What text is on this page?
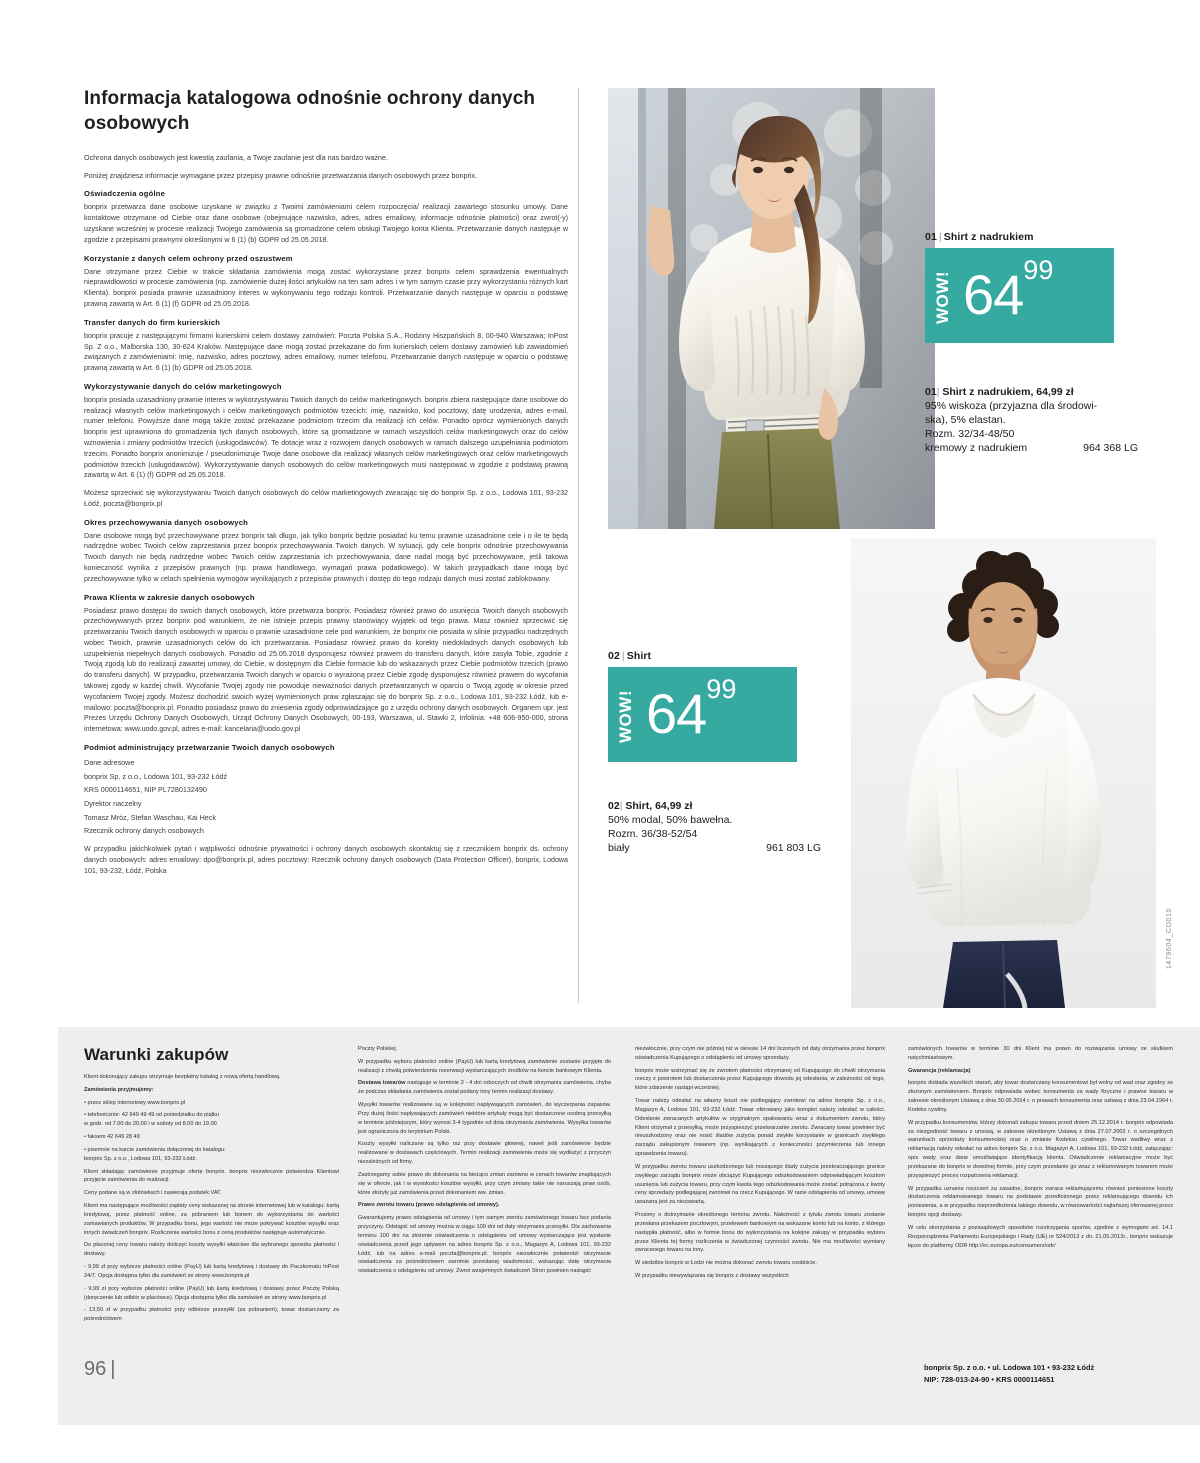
Informacja katalogowa odnośnie ochrony danych osobowych

Ochrona danych osobowych jest kwestią zaufania, a Twoje zaufanie jest dla nas bardzo ważne.

Poniżej znajdziesz informacje wymagane przez przepisy prawne odnośnie przetwarzania danych osobowych przez bonprix.

Oświadczenia ogólne

bonprix przetwarza dane osobowe uzyskane w związku z Twoimi zamówieniami celem rozpoczęcia/ realizacji zawartego stosunku umowy. Dane kontaktowe otrzymane od Ciebie oraz dane osobowe (obejmujące nazwisko, adres, adres emailowy, informacje odnośnie płatności) oraz zwrot(-y) uzyskane wcześniej w procesie realizacji Twojego zamówienia są gromadzone celem obsługi Twojego konta Klienta. Przetwarzanie danych następuje w zgodzie z przepisami prawnymi określonymi w 6 (1) (b) GDPR od 25.05.2018.

Korzystanie z danych celem ochrony przed oszustwem

Dane otrzymane przez Ciebie w trakcie składania zamówienia mogą zostać wykorzystane przez bonprix celem sprawdzenia ewentualnych nieprawidłowości w procesie zamówienia (np. zamówienie dużej ilości artykułów na ten sam adres i w tym samym czasie przy wykorzystaniu różnych kart Klienta). bonprix posiada prawnie uzasadniony interes w wykonywaniu tego rodzaju kontroli. Przetwarzanie danych następuje w oparciu o podstawę prawną zawartą w Art. 6 (1) (f) GDPR od 25.05.2018.

Transfer danych do firm kurierskich

bonprix pracuje z następującymi firmami kurierskimi celem dostawy zamówień: Poczta Polska S.A., Rodziny Hiszpańskich 8, 00-940 Warszawa; InPost Sp. Z o.o., Malborska 130, 30-624 Kraków. Następujące dane mogą zostać przekazane do firm kurierskich celem dostawy zamówień lub zawiadomień związanych z zamówieniami: imię, nazwisko, adres pocztowy, adres emailowy, numer telefonu. Przetwarzanie danych następuje w oparciu o podstawę prawną zawartą w Art. 6 (1) (b) GDPR od 25.05.2018.

Wykorzystywanie danych do celów marketingowych

bonprix posiada uzasadniony prawnie interes w wykorzystywaniu Twoich danych do celów marketingowych. bonprix zbiera następujące dane osobowe do realizacji własnych celów marketingowych i celów marketingowych podmiotów trzecich: imię, nazwisko, kod pocztowy, datę urodzenia, adres e-mail, numer telefonu. Powyższe dane mogą także zostać przekazane podmiotom trzecim dla realizacji ich celów. Ponadto oprócz wymienionych danych bonprix jest uprawniona do gromadzenia tych danych osobowych, które są gromadzone w ramach wszystkich celów marketingowych oraz do celów wznowienia i zmiany podmiotów trzecich (usługodawców). Te dotacje wraz z rozwojem danych osobowych w ramach dalszego uzupełniania podmiotom trzecim. Ponadto bonprix anonimizuje / pseudonimizuje Twoje dane osobowe dla realizacji własnych celów marketingowych oraz celów marketingowych podmiotów trzecich (usługodawców). Wykorzystywanie danych osobowych do celów marketingowych musi następować w zgodzie z podstawą prawną zawartą w Art. 6 (1) (f) GDPR od 25.05.2018.

Możesz sprzeciwić się wykorzystywaniu Twoich danych osobowych do celów marketingowych zwracając się do bonprix Sp. z o.o., Lodowa 101, 93-232 Łódź, poczta@bonprix.pl

Okres przechowywania danych osobowych

Dane osobowe mogą być przechowywane przez bonprix tak długo, jak tylko bonprix będzie posiadać ku temu prawnie uzasadnione cele i o ile te będą nadrzędne wobec Twoich celów zaprzestania przez bonprix przechowywania Twoich danych. W sytuacji, gdy cele bonprix odnośnie przechowywania Twoich danych nie będą nadrzędne wobec Twoich celów zaprzestania ich przechowywania, dane nadal mogą być przechowywane, jeśli takowa konieczność wynika z przepisów prawnych (np. prawa handlowego, wymagań prawa podatkowego). W takich przypadkach dane mogą być przechowywane tylko w celach spełnienia wymogów wynikających z przepisów prawnych i dostęp do tego rodzaju danych musi zostać zablokowany.

Prawa Klienta w zakresie danych osobowych

Posiadasz prawo dostępu do swoich danych osobowych, które przetwarza bonprix. Posiadasz również prawo do usunięcia Twoich danych osobowych przechowywanych przez bonprix pod warunkiem, że nie istnieje przepis prawny stanowiący wyjątek od tego prawa. Masz również sprzeciwić się przetwarzaniu Twoich danych osobowych w oparciu o prawnie uzasadnione cele pod warunkiem, że bonprix nie posiada w silnie przypadku nadrzędnych wobec Twoich, prawnie uzasadnionych celów do ich przetwarzania. Posiadasz również prawo do korekty niedokładnych danych osobowych lub uzupełnienia niepełnych danych osobowych. Ponadto od 25.05.2018 dysponujesz również prawem do transferu danych, które zasyła Tobie, zgodnie z Twoją zgodą lub do realizacji zawartej umowy, do Ciebie, w dostępnym dla Ciebie formacie lub do wskazanych przez Ciebie podmiotów trzecich (prawo do transferu danych). W przypadku, przetwarzania Twoich danych w oparciu o wyrażoną przez Ciebie zgodę dysponujesz również prawem do wycofania takowej zgody w każdej chwili. Wycofanie Twojej zgody nie powoduje nieważności danych przetwarzanych w oparciu o Twoją zgodę w okresie przed wycofaniem Twojej zgody. Możesz dochodzić swoich wyżej wymienionych praw zgłaszając się do bonprix Sp. z o.o., Lodowa 101, 93-232 Łódź, lub e-mailowo: poczta@bonprix.pl. Ponadto posiadasz prawo do zniesienia zgody odprowiadzające go z urzędu ochrony danych osobowych. Organem upr. jest Prezes Urzędu Ochrony Danych Osobowych, Urząd Ochrony Danych Osobowych, 00-193, Warszawa, ul. Stawki 2, Infolinia: +48 606-950-000, strona internetowa: www.uodo.gov.pl, adres e-mail: kancelaria@uodo.gov.pl

Podmiot administrujący przetwarzanie Twoich danych osobowych

Dane adresowe

bonprix Sp. z o.o., Lodowa 101, 93-232 Łódź

KRS 0000114651, NIP PL7280132490

Dyrektor naczelny

Tomasz Mróz, Stefan Waschau, Kai Heck

Rzecznik ochrony danych osobowych

W przypadku jakichkolwiek pytań i wątpliwości odnośnie prywatności i ochrony danych osobowych skontaktuj się z rzecznikiem bonprix ds. ochrony danych osobowych: adres emailowy: dpo@bonprix.pl, adres pocztowy: Rzecznik ochrony danych osobowych (Data Protection Officer), bonprix, Lodowa 101, 93-232, Łódź, Polska

01 | Shirt z nadrukiem
WOW! 64 99
01| Shirt z nadrukiem, 64,99 zł
95% wiskoza (przyjazna dla środowi-
ska), 5% elastan.
Rozm. 32/34-48/50
kremowy z nadrukiem	964 368 LG
02 | Shirt
WOW! 64 99
02| Shirt, 64,99 zł
50% modal, 50% bawełna.
Rozm. 36/38-52/54
biały	961 803 LG
1479604_CO010
Warunki zakupów

Klient dokonujący zakupu otrzymuje bezpłatny katalog z nową ofertą handlową.

Zamówienia przyjmujemy:

• przez sklep internetowy www.bonprix.pl

• telefonicznie: 42 649 49 49 od poniedziałku do piątku

w godz. od 7.00 do 20.00 i w soboty od 8.00 do 19.00

• faksem 42 649 28 49

• pisemnie na karcie zamówienia dołączonej do katalogu:

bonprix Sp. z o.o., Lodowa 101, 93-232 Łódź.

Klient składając zamówienie przyjmuje ofertę bonprix. bonprix niezwłocznie potwierdza Klientowi przyjęcie zamówienia do realizacji.

Ceny podane są w złotówkach i zawierają podatek VAT.

Klient ma następujące możliwości zapłaty ceny wskazanej na stronie internetowej lub w katalogu: kartą kredytową, przez płatność online, za pobraniem lub bonem do wykorzystania do wartości zamawianych produktów. W przypadku bonu, jego wartość nie może pokrywać kosztów wysyłki oraz innych świadczeń bonprix. Rozliczenie wartości bonu z ceną produktów następuje automatycznie.

Do płaconej ceny towaru należy doliczyć koszty wysyłki właściwe dla wybranego sposobu płatności i dostawy.

- 9,99 zł przy wyborze płatności online (PayU) lub kartą kredytową i dostawy do Paczkomatu InPost 24/7. Opcja dostępna tylko dla zamówień ze strony www.bonprix.pl

- 9,99 zł przy wyborze płatności online (PayU) lub kartą kredytową i dostawy przez Pocztę Polską (doręczenie lub odbiór w placówce). Opcja dostępna tylko dla zamówień ze strony www.bonprix.pl

- 13,50 zł w przypadku płatności przy odbiorze przesyłki (za pobraniem), towar dostarczamy za pośrednictwem

Poczty Polskiej.

W przypadku wyboru płatności online (PayU) lub kartą kredytową zamówienie zostanie przyjęte do realizacji z chwilą potwierdzenia rezerwacji wystarczających środków na koncie bankowym Klienta.

Dostawa towarów

nastąpuje w terminie 2 - 4 dni roboczych od chwili otrzymania zamówienia, chyba że podczas składania zamówienia został podany inny termin realizacji dostawy.

Wysyłki towarów realizowane są w kolejności napływających zamówień, do wyczerpania zapasów. Przy dużej ilości napływających zamówień niektóre artykuły mogą być dostarczone osobną przesyłką w terminie późniejszym, który wynosi 3-4 tygodnie od dnia otrzymania zamówienia. Wysyłka towarów jest ograniczona do terytorium Polski.

Koszty wysyłki naliczane są tylko raz przy dostawie głównej, nawet jeśli zamówienie będzie realizowane w dostawach częściowych. Termin realizacji zamówienia może się wydłużyć z przyczyn niezależnych od firmy.

Zastrzegamy sobie prawo do dokonania na bieżąco zmian zarówno w cenach towarów znajdujących się w ofercie, jak i w wysokości kosztów wysyłki, przy czym zmiany takie nie naruszają praw osób, które złożyły już zamówienia przed dokonaniem ww. zmian.

Prawo zwrotu towaru (prawo odstąpienia od umowy).

Gwarantujemy prawo odstąpienia od umowy i tym samym zwrotu zamówionego towaru bez podania przyczyny. Odstąpić od umowy można w ciągu 100 dni od daty otrzymania przesyłki. Dla zachowania terminu 100 dni na złożenie oświadczenia o odstąpieniu od umowy wystarczające jest wysłanie oświadczenia przed jego upływem na adres bonprix Sp. z o.o., Magazyn A, Lodowa 101, 93-232 Łódź, lub na adres e-mail poczta@bonprix.pl. bonprix niezwłocznie potwierdzi otrzymanie oświadczenia za pośrednictwem zwrotnie przesłanej wiadomości, wskazując datę otrzymania oświadczenia o odstąpieniu od umowy. Zwrot wzajemnych świadczeń Stron powinien nastąpić

niezwłocznie, przy czym nie później niż w okresie 14 dni liczonych od daty otrzymania przez bonprix oświadczenia Kupującego o odstąpieniu od umowy sprzedaży.

bonprix może wstrzymać się ze zwrotem płatności otrzymanej od Kupującego do chwili otrzymania rzeczy z powrotem lub dostarczenia przez Kupującego dowodu jej odesłania, w zależności od tego, które zdarzenie nastąpi wcześniej.

Towar należy odesłać na własny koszt nie podlegający zwrotowi na adres bonprix Sp. z o.o., Magazyn A, Lodowa 101, 93-232 Łódź. Towar oferowany jako komplet należy odesłać w całości. Odesłanie zwracanych artykułów w oryginalnym opakowaniu wraz z dokumentem zwrotu, który Klient otrzymał z przesyłką, może przyspieszyć przetwarzanie zwrotu. Zwracany towar powinien być nieuszkodzony oraz nie nosić śladów zużycia ponad zwykłe korzystanie w granicach zwykłego zarządu zakupionym towarem (np. wynikających z konieczności przymierzenia lub innego sprawdzenia towaru).

W przypadku zwrotu towaru uszkodzonego lub noszącego ślady zużycia przekraczającego granice zwykłego zarządu bonprix może obciążyć Kupującego odszkodowaniem odpowiadającym kosztom usunięcia lub zużycia towaru, przy czym kwota tego odszkodowania może zostać potrącona z kwoty ceny sprzedaży podlegającej zwrotowi na rzecz Kupującego. W razie odstąpienia od umowy, umowę uważana jest za niezawartą.

Prosimy o dotrzymanie określonego terminu zwrotu. Należność z tytułu zwrotu towaru zostanie przesłana przekazem pocztowym, przelewem bankowym na wskazane konto lub na konto, z którego następiła płatność, albo w formie bonu do wykorzystania na kolejne zakupy w przypadku wyboru przez Klienta tej formy rozliczenia w świadczonej czynności zwrotu. Nie ma możliwości wymiany zwracanego towaru na inny.

W siedzibie bonprix w Łodzi nie można dokonać zwrotu towaru osobiście.

W przypadku niewywiązania się bonprix z dostawy wszystkich

zamówionych towarów w terminie 30 dni Klient ma prawo do rozwiązania umowy ze skutkiem natychmiastowym.

Gwarancja (reklamacja)

bonprix dokłada wszelkich starań, aby towar dostarczany konsumentowi był wolny od wad oraz zgodny ze złożonym zamówieniem. Bonprix odpowiada wobec konsumenta za wady fizyczne i prawne towaru w zakresie określonym Ustawą z dnia 30.05.2014 r. o prawach konsumenta oraz ustawą z dnia 23.04.1964 r. Kodeks cywilny.

W przypadku konsumentów, którzy dokonali zakupu towaru przed dniem 25.12.2014 r. bonprix odpowiada za niezgodność towaru z umową, w zakresie określonym Ustawą z dnia 27.07.2002 r. o szczególnych warunkach sprzedaży konsumenckiej oraz o zmianie Kodeksu cywilnego. Towar wadliwy wraz z reklamacją należy odesłać na adres bonprix Sp. z o.o. Magazyn A, Lodowa 101, 93-232 Łódź, załączając: opis wady oraz dane umożliwiające identyfikację klienta. Oświadczenie reklamacyjne może być przekazane do bonprix w dowolnej formie, przy czym przesłanie go wraz z reklamowanym towarem może przyspieszyć proces rozpatrzenia reklamacji.

W przypadku uznania roszczeń za zasadne, bonprix zwraca reklamującemu również poniesione koszty dostarczenia reklamowanego towaru na podstawie przedłożonego przez reklamującego dowodu ich poniesienia, a w przypadku nieprzedłożenia takiego dowodu, w równowartości najtańszej oferowanej przez bonprix opcji dostawy.

W celu skorzystania z pozasądowych sposobów rozstrzygania sporów, zgodnie z wymogami art. 14.1 Rozporządzenia Parlamentu Europejskiego i Rady (UE) nr 524/2013 z dn. 21.05.2013r., bonprix wskazuje łącze do platformy ODR http://ec.europa.eu/consumers/odr/

96 |	bonprix Sp. z o.o. • ul. Lodowa 101 • 93-232 Łódź
NIP: 728-013-24-90 • KRS 0000114651
